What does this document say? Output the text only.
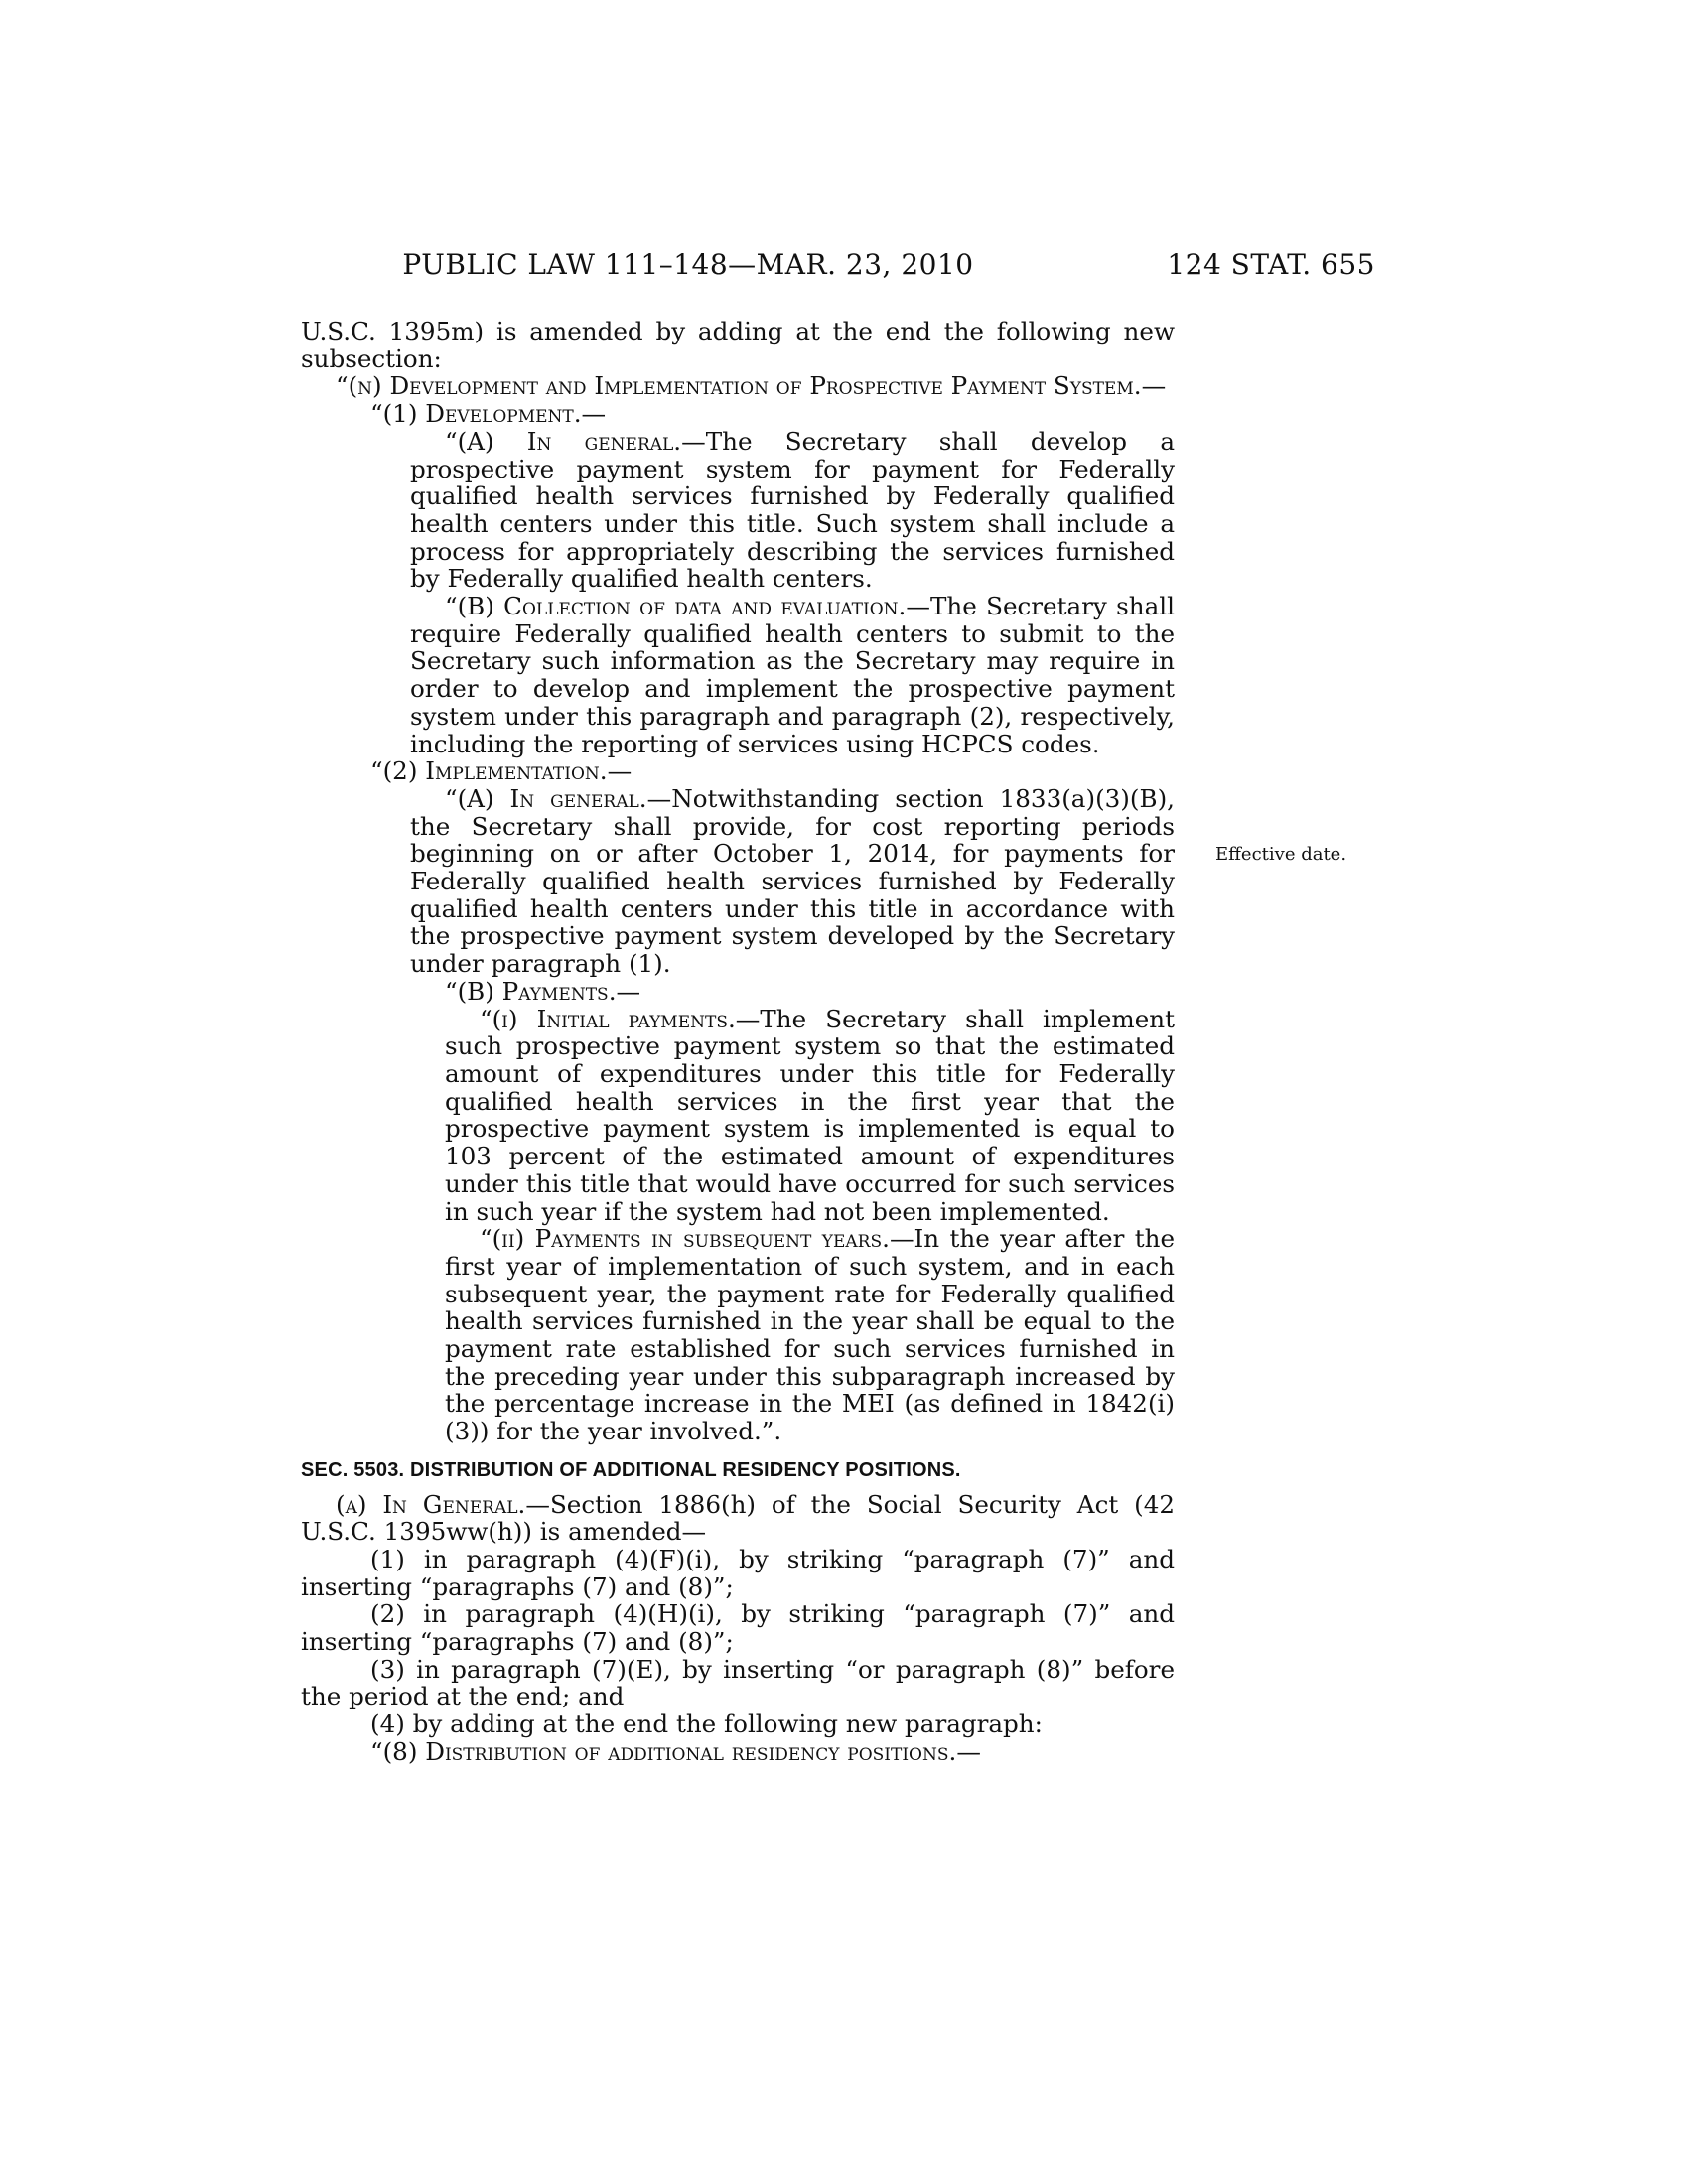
PUBLIC LAW 111–148—MAR. 23, 2010	124 STAT. 655
Effective date.

U.S.C. 1395m) is amended by adding at the end the following new subsection:

“(n) Development and Implementation of Prospective Payment System.—

“(1) Development.—

“(A) In general.—The Secretary shall develop a prospective payment system for payment for Federally qualified health services furnished by Federally qualified health centers under this title. Such system shall include a process for appropriately describing the services furnished by Federally qualified health centers.

“(B) Collection of data and evaluation.—The Secretary shall require Federally qualified health centers to submit to the Secretary such information as the Secretary may require in order to develop and implement the prospective payment system under this paragraph and paragraph (2), respectively, including the reporting of services using HCPCS codes.

“(2) Implementation.—

“(A) In general.—Notwithstanding section 1833(a)(3)(B), the Secretary shall provide, for cost reporting periods beginning on or after October 1, 2014, for payments for Federally qualified health services furnished by Federally qualified health centers under this title in accordance with the prospective payment system developed by the Secretary under paragraph (1).

“(B) Payments.—

“(i) Initial payments.—The Secretary shall implement such prospective payment system so that the estimated amount of expenditures under this title for Federally qualified health services in the first year that the prospective payment system is implemented is equal to 103 percent of the estimated amount of expenditures under this title that would have occurred for such services in such year if the system had not been implemented.

“(ii) Payments in subsequent years.—In the year after the first year of implementation of such system, and in each subsequent year, the payment rate for Federally qualified health services furnished in the year shall be equal to the payment rate established for such services furnished in the preceding year under this subparagraph increased by the percentage increase in the MEI (as defined in 1842(i)(3)) for the year involved.”.

SEC. 5503. DISTRIBUTION OF ADDITIONAL RESIDENCY POSITIONS.

(a) In General.—Section 1886(h) of the Social Security Act (42 U.S.C. 1395ww(h)) is amended—

(1) in paragraph (4)(F)(i), by striking “paragraph (7)” and inserting “paragraphs (7) and (8)”;

(2) in paragraph (4)(H)(i), by striking “paragraph (7)” and inserting “paragraphs (7) and (8)”;

(3) in paragraph (7)(E), by inserting “or paragraph (8)” before the period at the end; and

(4) by adding at the end the following new paragraph:

“(8) Distribution of additional residency positions.—
